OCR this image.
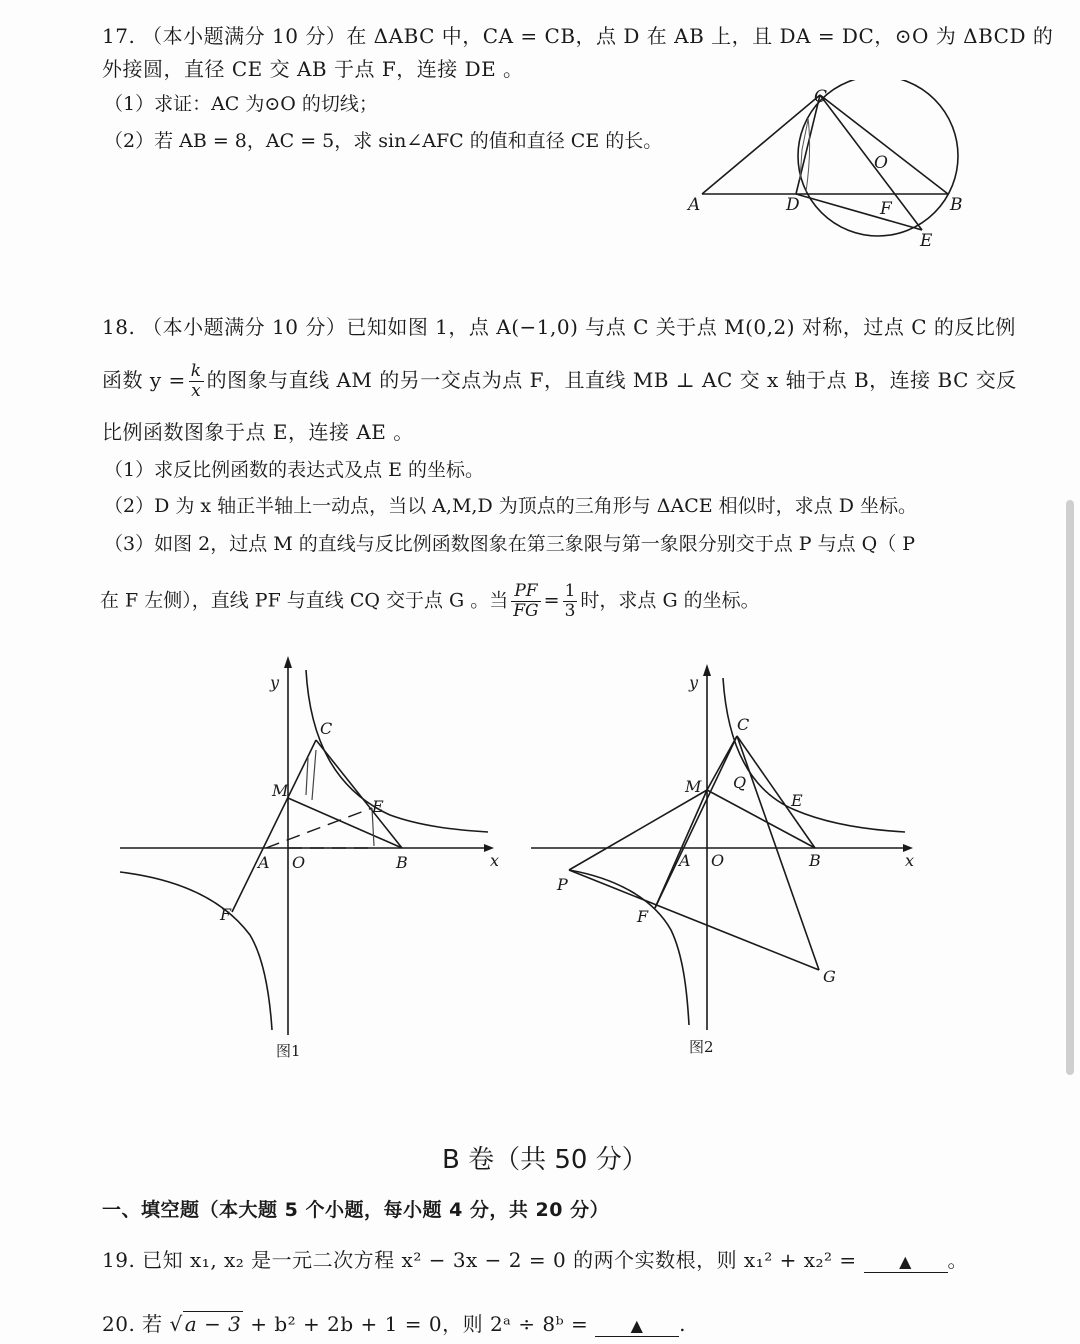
17. （本小题满分 10 分）在 ΔABC 中，CA = CB，点 D 在 AB 上，且 DA = DC，⊙O 为 ΔBCD 的
外接圆，直径 CE 交 AB 于点 F，连接 DE 。
（1）求证：AC 为⊙O 的切线；
（2）若 AB = 8，AC = 5，求 sin∠AFC 的值和直径 CE 的长。
A	D
C
O
F	B
E
18. （本小题满分 10 分）已知如图 1，点 A(−1,0) 与点 C 关于点 M(0,2) 对称，过点 C 的反比例
函数 $y = \frac{k}{x}$ 的图象与直线 AM 的另一交点为点 F，且直线 MB ⊥ AC 交 x 轴于点 B，连接 BC 交反
比例函数图象于点 E，连接 AE 。
（1）求反比例函数的表达式及点 E 的坐标。
（2）D 为 x 轴正半轴上一动点，当以 A,M,D 为顶点的三角形与 ΔACE 相似时，求点 D 坐标。
（3）如图 2，过点 M 的直线与反比例函数图象在第三象限与第一象限分别交于点 P 与点 Q（ P
在 F 左侧），直线 PF 与直线 CQ 交于点 G 。当 $\frac{PF}{FG} = \frac{1}{3}$ 时，求点 G 的坐标。
y
x
C
M
E
A O	B
F
图1
y
x
C
M Q
E
A O	B
P
F
G
图2
B 卷（共 50 分）
一、填空题（本大题 5 个小题，每小题 4 分，共 20 分）
19. 已知 x₁, x₂ 是一元二次方程 x² − 3x − 2 = 0 的两个实数根，则 x₁² + x₂² =	▲ 。
20. 若 √ a − 3 + b² + 2b + 1 = 0，则 2ᵃ ÷ 8ᵇ =	▲ .
